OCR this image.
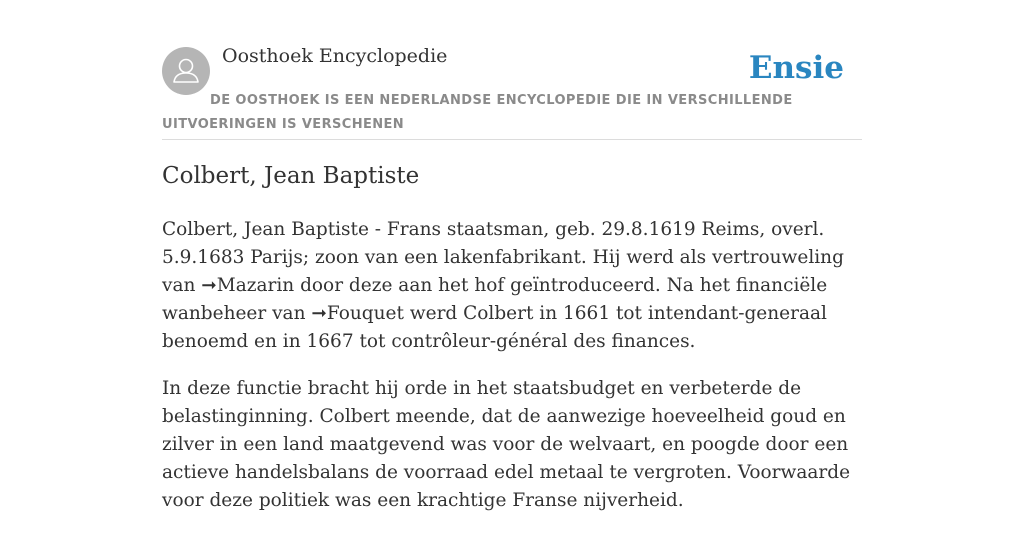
Oosthoek Encyclopedie	Ensie
DE OOSTHOEK IS EEN NEDERLANDSE ENCYCLOPEDIE DIE IN VERSCHILLENDE UITVOERINGEN IS VERSCHENEN
Colbert, Jean Baptiste

Colbert, Jean Baptiste - Frans staatsman, geb. 29.8.1619 Reims, overl. 5.9.1683 Parijs; zoon van een lakenfabrikant. Hij werd als vertrouweling van ➞Mazarin door deze aan het hof geïntroduceerd. Na het financiële wanbeheer van ➞Fouquet werd Colbert in 1661 tot intendant-generaal benoemd en in 1667 tot contrôleur-général des finances.

In deze functie bracht hij orde in het staatsbudget en verbeterde de belastinginning. Colbert meende, dat de aanwezige hoeveelheid goud en zilver in een land maatgevend was voor de welvaart, en poogde door een actieve handelsbalans de voorraad edel metaal te vergroten. Voorwaarde voor deze politiek was een krachtige Franse nijverheid.
